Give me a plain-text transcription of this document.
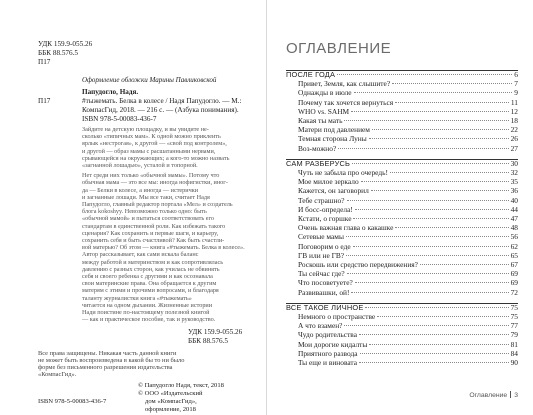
УДК 159.9-055.26
ББК 88.576.5
П17
Оформление обложки Марины Павликовской
П17
Папудогло, Надя.
#тыжемать. Белка в колесе / Надя Папудогло. — М.:
КомпасГид, 2018. — 216 с. — (Азбука понимания).
ISBN 978-5-00083-436-7
Зайдите на детскую площадку, и вы увидите не-
сколько «типичных мам». К одной можно приклеить
ярлык «нестрогая», к другой — «свой под контролем»,
и другой — образ мамы с расшатанными нервами,
срывающейся на окружающих; а кого-то можно назвать
«загнанной лошадью», усталой и топорной.
Нет среди них только «обычной мамы». Потому что
обычная мама — это все мы: иногда нофигистки, иног-
да — Белки в колесе, а иногда — истерички
и загнанные лошади. Мы все таки, считает Надя
Папудогло, главный редактор портала «Мел» и создатель
блога kokoshyy. Невозможно только одно: быть
«обычной мамой» и пытаться соответствовать его
стандартам в единственной роли. Как избежать такого
сценария? Как сохранить и первые шаги, и карьеру,
сохранить себя и быть счастливой? Как быть счастли-
вой матерью? Об этом — книга «#тыжемать. Белка в колесе».
Автор рассказывает, как сами искала баланс
между работой и материнством и как сопротивлялась
давлению с разных сторон, как училась не обвинять
себя и своего ребенка с другими и как осознавала
свои материнские права. Она обращается к другим
матерям с этими и прочими вопросами, и благодаря
таланту журналистки книга «#тыжемать»
читается на одном дыхании. Жизненные истории
Нади поистине по-настоящему полезной книгой
— как и практическое пособие, так и руководство.
УДК 159.9-055.26
ББК 88.576.5
Все права защищены. Никакая часть данной книги
не может быть воспроизведена в какой бы то ни было
форме без письменного разрешения издательства
«КомпасГид».
© Папудогло Надя, текст, 2018
© ООО «Издательский
дом «КомпасГид»,
оформление, 2018
ISBN 978-5-00083-436-7
ОГЛАВЛЕНИЕ
ПОСЛЕ ГОДА	6
Привет, Земля, как слышите?	7
Однажды в июле	9
Почему так хочется вернуться	11
WHO vs. SAHM	12
Какая ты мать	18
Матери под давлением	22
Темная сторона Луны	26
Воз-можно?	27
САМ РАЗБЕРУСЬ	30
Чуть не забыла про очередь!	32
Мое милое зеркало	35
Кажется, он заговорил	36
Тебе страшно?	40
И босс-определа!	44
Кстати, о горшке	47
Очень важная глава о какашке	48
Сетевые мамы	56
Поговорим о еде	62
ГВ или не ГВ?	65
Роскошь или средство передвижения?	67
Ты сейчас где?	69
Что посоветуете?	69
Развивашки, ой!	72
ВСЕ ТАКОЕ ЛИЧНОЕ	75
Немного о пространстве	75
А что взамен?	77
Чудо родительства	79
Мои дорогие кидалты	81
Приятного развода	84
Ты еще и виновата	90
Оглавление 3
